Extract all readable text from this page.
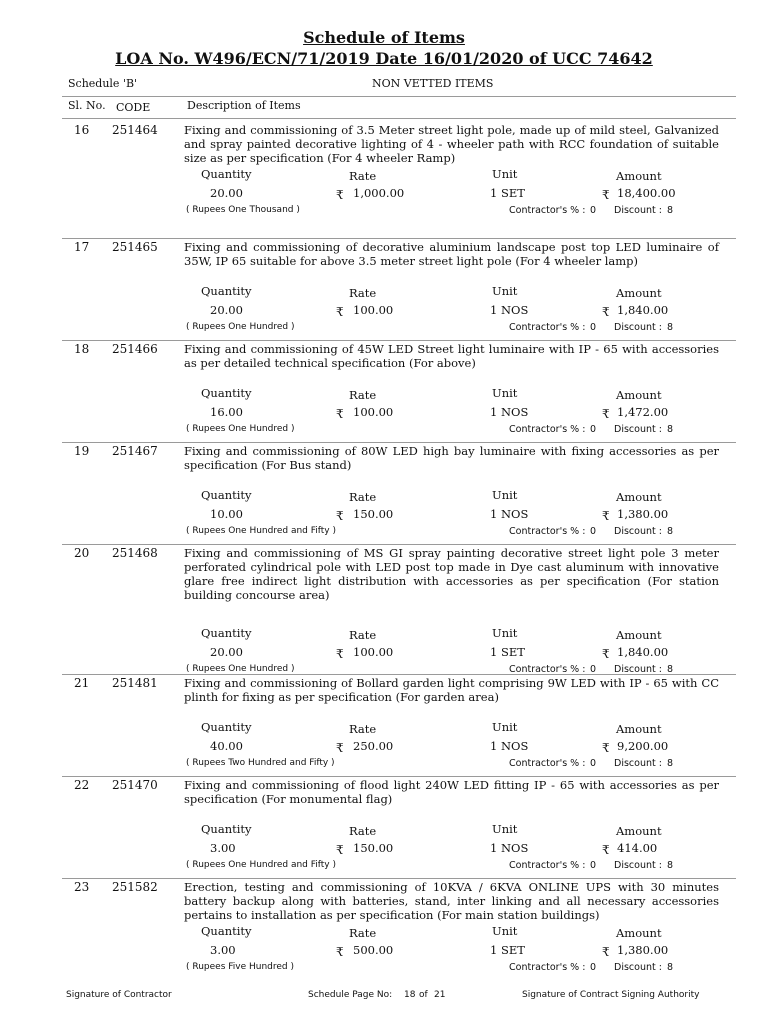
Schedule of Items
LOA No. W496/ECN/71/2019 Date 16/01/2020 of UCC 74642
Schedule 'B'	NON VETTED ITEMS
Sl. No. CODE	Description of Items
16 251464 Fixing and commissioning of 3.5 Meter street light pole, made up of mild steel, Galvanized and spray painted decorative lighting of 4 - wheeler path with RCC foundation of suitable size as per specification (For 4 wheeler Ramp)
Quantity	Rate	Unit	Amount
20.00	₹ 1,000.00	1 SET	₹ 18,400.00
( Rupees One Thousand )	Contractor's % : 0 Discount : 8
17 251465 Fixing and commissioning of decorative aluminium landscape post top LED luminaire of 35W, IP 65 suitable for above 3.5 meter street light pole (For 4 wheeler lamp)
Quantity	Rate	Unit	Amount
20.00	₹ 100.00	1 NOS	₹ 1,840.00
( Rupees One Hundred )	Contractor's % : 0 Discount : 8
18 251466 Fixing and commissioning of 45W LED Street light luminaire with IP - 65 with accessories as per detailed technical specification (For above)
Quantity	Rate	Unit	Amount
16.00	₹ 100.00	1 NOS	₹ 1,472.00
( Rupees One Hundred )	Contractor's % : 0 Discount : 8
19 251467 Fixing and commissioning of 80W LED high bay luminaire with fixing accessories as per specification (For Bus stand)
Quantity	Rate	Unit	Amount
10.00	₹ 150.00	1 NOS	₹ 1,380.00
( Rupees One Hundred and Fifty )	Contractor's % : 0 Discount : 8
20 251468 Fixing and commissioning of MS GI spray painting decorative street light pole 3 meter perforated cylindrical pole with LED post top made in Dye cast aluminum with innovative glare free indirect light distribution with accessories as per specification (For station building concourse area)
Quantity	Rate	Unit	Amount
20.00	₹ 100.00	1 SET	₹ 1,840.00
( Rupees One Hundred )	Contractor's % : 0 Discount : 8
21 251481 Fixing and commissioning of Bollard garden light comprising 9W LED with IP - 65 with CC plinth for fixing as per specification (For garden area)
Quantity	Rate	Unit	Amount
40.00	₹ 250.00	1 NOS	₹ 9,200.00
( Rupees Two Hundred and Fifty )	Contractor's % : 0 Discount : 8
22 251470 Fixing and commissioning of flood light 240W LED fitting IP - 65 with accessories as per specification (For monumental flag)
Quantity	Rate	Unit	Amount
3.00	₹ 150.00	1 NOS	₹ 414.00
( Rupees One Hundred and Fifty )	Contractor's % : 0 Discount : 8
23 251582 Erection, testing and commissioning of 10KVA / 6KVA ONLINE UPS with 30 minutes battery backup along with batteries, stand, inter linking and all necessary accessories pertains to installation as per specification (For main station buildings)
Quantity	Rate	Unit	Amount
3.00	₹ 500.00	1 SET	₹ 1,380.00
( Rupees Five Hundred )	Contractor's % : 0 Discount : 8
Signature of Contractor	Schedule Page No: 18 of 21	Signature of Contract Signing Authority
